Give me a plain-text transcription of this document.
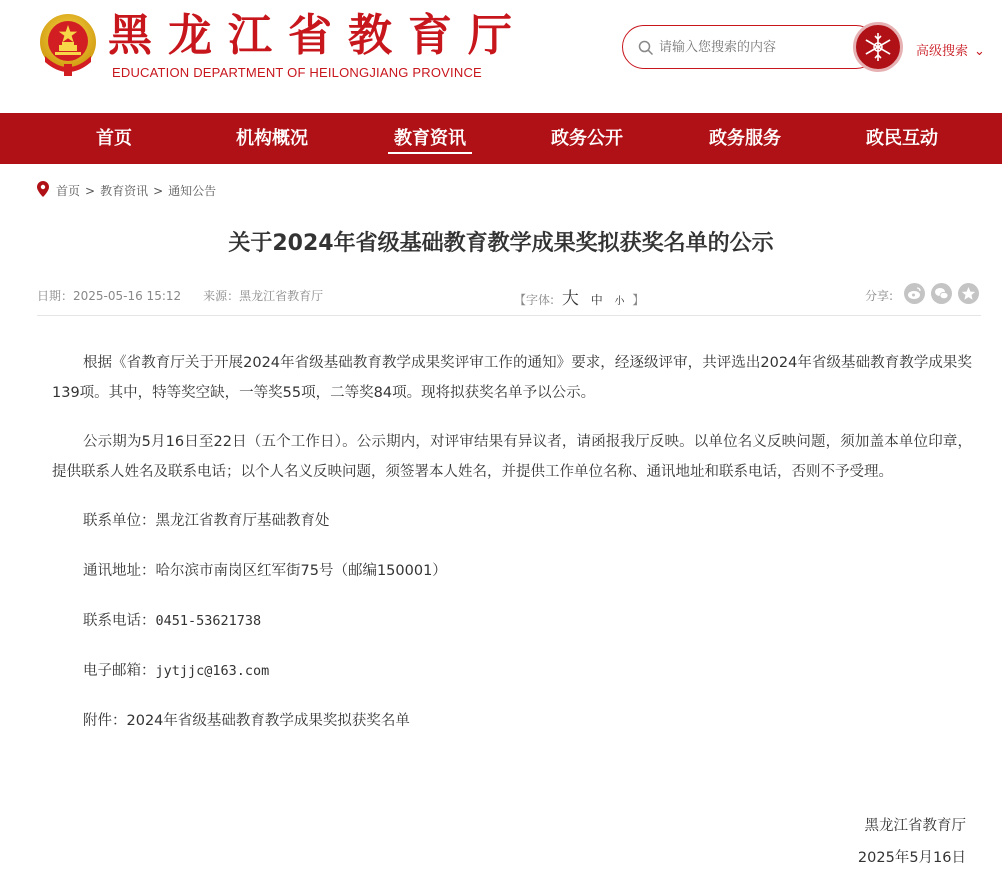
黑龙江省教育厅
EDUCATION DEPARTMENT OF HEILONGJIANG PROVINCE
请输入您搜索的内容
高级搜索 ⌄
首页	机构概况	教育资讯	政务公开	政务服务	政民互动
首页 > 教育资讯 > 通知公告
关于2024年省级基础教育教学成果奖拟获奖名单的公示
日期：2025-05-16 15:12 来源：黑龙江省教育厅	【字体: 大 中 小 】	分享:

根据《省教育厅关于开展2024年省级基础教育教学成果奖评审工作的通知》要求，经逐级评审，共评选出2024年省级基础教育教学成果奖139项。其中，特等奖空缺，一等奖55项，二等奖84项。现将拟获奖名单予以公示。

公示期为5月16日至22日（五个工作日）。公示期内，对评审结果有异议者，请函报我厅反映。以单位名义反映问题，须加盖本单位印章，提供联系人姓名及联系电话；以个人名义反映问题，须签署本人姓名，并提供工作单位名称、通讯地址和联系电话，否则不予受理。

联系单位：黑龙江省教育厅基础教育处

通讯地址：哈尔滨市南岗区红军街75号（邮编150001）

联系电话：0451-53621738

电子邮箱：jytjjc@163.com

附件：2024年省级基础教育教学成果奖拟获奖名单

黑龙江省教育厅
2025年5月16日
